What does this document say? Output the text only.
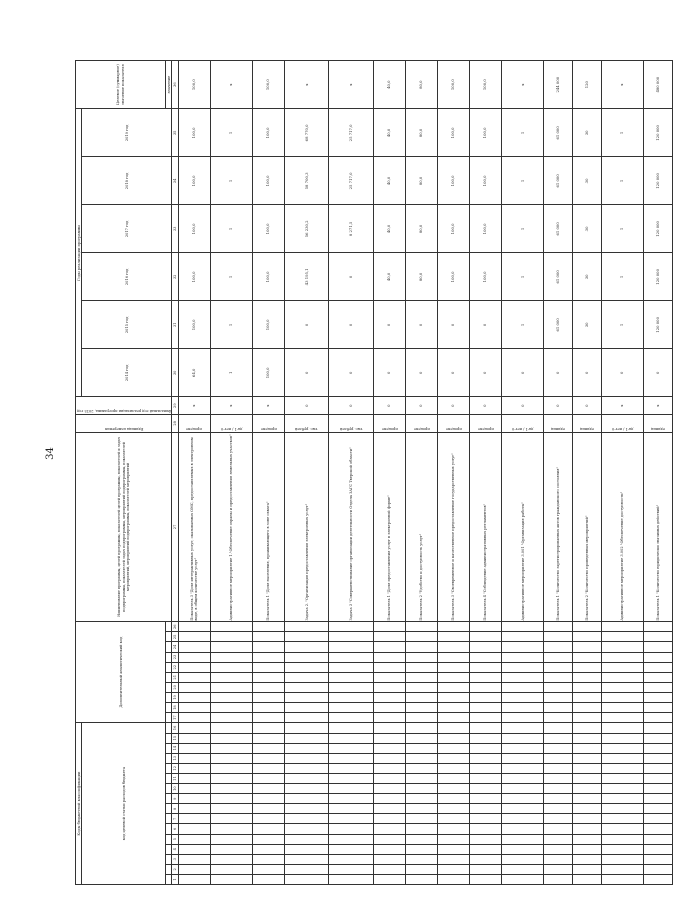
34
Коды бюджетной классификации																Дополнительный аналитический код										Наименование программы, целей программы, показателей целей программы, показателей и задач подпрограммы, показателей задач подпрограммы, мероприятий подпрограммы, показателей мероприятий, мероприятий подпрограммы, показателей мероприятий	Единица измерения	Финальный год реализации программы, 2015 год	Годы реализации программы						Целевое (суммарное) значение показателя
код целевой статьи расходов бюджета																													2014 год	2015 год	2016 год	2017 год	2018 год	2019 год	
																																			значение
1	2	3	4	5	6	7	8	9	10	11	12	13	14	15	16	17	18	19	20	21	22	23	24	25	26	27	28	29	30	31	32	33	34	35	36
																										Показатель 3 "Доля интерактивных услуг, оказываемых ОМС, предоставляемых в электронном виде, в общем количестве услуг"	процент	х	64,0	100,0	100,0	100,0	100,0	100,0	100,0
																										Административное мероприятие 1."Обеспечение охраны и предоставления земельных участков"	да-1 / нет-0	х	1	1	1	1	1	1	х
																										Показатель 1 "Доля населения, проживающего в зоне охвата"	процент	х	100,0	100,0	100,0	100,0	100,0	100,0	100,0
																										Задача 2. "Организация предоставления электронных услуг"	тыс. рублей	0	0	0	43 195,1	56 230,2	58 700,3	68 770,0	х
																										Задача 3 "Совершенствование организации деятельности Отдела ЗАГС Тверской области"	тыс. рублей	0	0	0	0	8 271,5	25 717,0	25 717,0	х
																										Показатель 1 "Доля предоставления услуг в электронной форме"	процент	0	0	0	40,0	40,0	40,0	40,0	40,0
																										Показатель 2 "Удобство и доступность услуг"	процент	0	0	0	80,0	80,0	80,0	80,0	80,0
																										Показатель 3 "Своевременное и качественное предоставление государственных услуг"	процент	0	0	0	100,0	100,0	100,0	100,0	100,0
																										Показатель 4 "Соблюдение административных регламентов"	процент	0	0	0	100,0	100,0	100,0	100,0	100,0
																										Административное мероприятие 3.001 "Организация работы"	да-1 / нет-0	0	0	1	1	1	1	1	х
																										Показатель 1 "Количество зарегистрированных актов гражданского состояния"	единиц	0	0	61 000	61 000	61 000	61 000	61 000	244 000
																										Показатель 2 "Количество проведенных мероприятий"	единиц	0	0	30	30	30	30	30	120
																										Административное мероприятие 3.002 "Обеспечение доступности"	да-1 / нет-0	х	0	1	1	1	1	1	х
																										Показатель 1 "Количество юридически значимых действий"	единиц	х	0	120 000	120 000	120 000	120 000	120 000	480 000
